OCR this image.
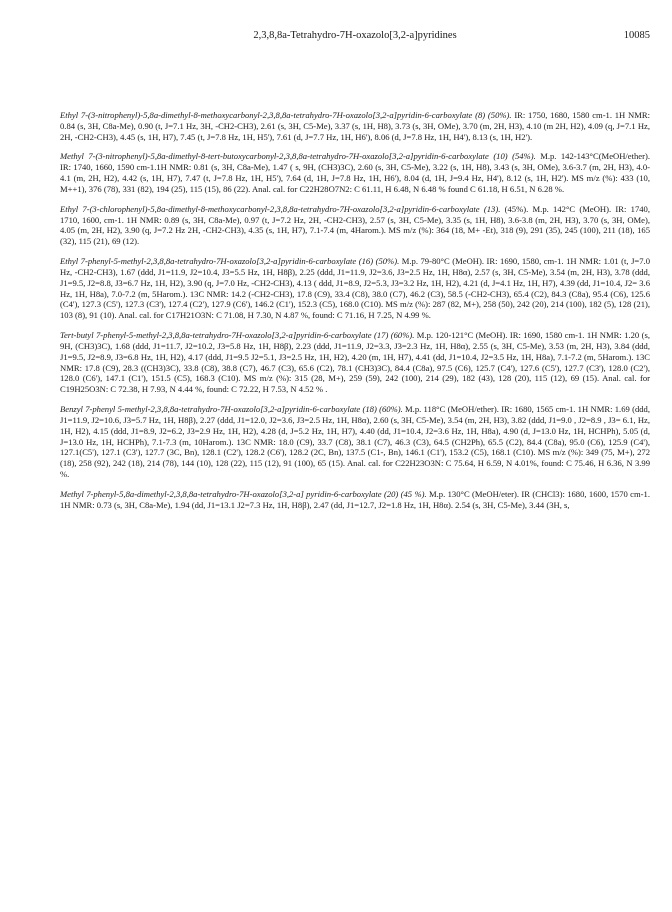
2,3,8,8a-Tetrahydro-7H-oxazolo[3,2-a]pyridines	10085

Ethyl 7-(3-nitrophenyl)-5,8a-dimethyl-8-methoxycarbonyl-2,3,8,8a-tetrahydro-7H-oxazolo[3,2-a]pyridin-6-carboxylate (8) (50%). IR: 1750, 1680, 1580 cm-1. 1H NMR: 0.84 (s, 3H, C8a-Me), 0.90 (t, J=7.1 Hz, 3H, -CH2-CH3), 2.61 (s, 3H, C5-Me), 3.37 (s, 1H, H8), 3.73 (s, 3H, OMe), 3.70 (m, 2H, H3), 4.10 (m 2H, H2), 4.09 (q, J=7.1 Hz, 2H, -CH2-CH3), 4.45 (s, 1H, H7), 7.45 (t, J=7.8 Hz, 1H, H5'), 7.61 (d, J=7.7 Hz, 1H, H6'), 8.06 (d, J=7.8 Hz, 1H, H4'), 8.13 (s, 1H, H2').

Methyl 7-(3-nitrophenyl)-5,8a-dimethyl-8-tert-butoxycarbonyl-2,3,8,8a-tetrahydro-7H-oxazolo[3,2-a]pyridin-6-carboxylate (10) (54%). M.p. 142-143°C(MeOH/ether). IR: 1740, 1660, 1590 cm-1.1H NMR: 0.81 (s, 3H, C8a-Me), 1.47 ( s, 9H, (CH3)3C), 2.60 (s, 3H, C5-Me), 3.22 (s, 1H, H8), 3.43 (s, 3H, OMe), 3.6-3.7 (m, 2H, H3), 4.0-4.1 (m, 2H, H2), 4.42 (s, 1H, H7), 7.47 (t, J=7.8 Hz, 1H, H5'), 7.64 (d, 1H, J=7.8 Hz, 1H, H6'), 8.04 (d, 1H, J=9.4 Hz, H4'), 8.12 (s, 1H, H2'). MS m/z (%): 433 (10, M++1), 376 (78), 331 (82), 194 (25), 115 (15), 86 (22). Anal. cal. for C22H28O7N2: C 61.11, H 6.48, N 6.48 % found C 61.18, H 6.51, N 6.28 %.

Ethyl 7-(3-chlorophenyl)-5,8a-dimethyl-8-methoxycarbonyl-2,3,8,8a-tetrahydro-7H-oxazolo[3,2-a]pyridin-6-carboxylate (13). (45%). M.p. 142°C (MeOH). IR: 1740, 1710, 1600, cm-1. 1H NMR: 0.89 (s, 3H, C8a-Me), 0.97 (t, J=7.2 Hz, 2H, -CH2-CH3), 2.57 (s, 3H, C5-Me), 3.35 (s, 1H, H8), 3.6-3.8 (m, 2H, H3), 3.70 (s, 3H, OMe), 4.05 (m, 2H, H2), 3.90 (q, J=7.2 Hz 2H, -CH2-CH3), 4.35 (s, 1H, H7), 7.1-7.4 (m, 4Harom.). MS m/z (%): 364 (18, M+ -Et), 318 (9), 291 (35), 245 (100), 211 (18), 165 (32), 115 (21), 69 (12).

Ethyl 7-phenyl-5-methyl-2,3,8,8a-tetrahydro-7H-oxazolo[3,2-a]pyridin-6-carboxylate (16) (50%). M.p. 79-80°C (MeOH). IR: 1690, 1580, cm-1. 1H NMR: 1.01 (t, J=7.0 Hz, -CH2-CH3), 1.67 (ddd, J1=11.9, J2=10.4, J3=5.5 Hz, 1H, H8β), 2.25 (ddd, J1=11.9, J2=3.6, J3=2.5 Hz, 1H, H8α), 2.57 (s, 3H, C5-Me), 3.54 (m, 2H, H3), 3.78 (ddd, J1=9.5, J2=8.8, J3=6.7 Hz, 1H, H2), 3.90 (q, J=7.0 Hz, -CH2-CH3), 4.13 ( ddd, J1=8.9, J2=5.3, J3=3.2 Hz, 1H, H2), 4.21 (d, J=4.1 Hz, 1H, H7), 4.39 (dd, J1=10.4, J2= 3.6 Hz, 1H, H8a), 7.0-7.2 (m, 5Harom.). 13C NMR: 14.2 (-CH2-CH3), 17.8 (C9), 33.4 (C8), 38.0 (C7), 46.2 (C3), 58.5 (-CH2-CH3), 65.4 (C2), 84.3 (C8a), 95.4 (C6), 125.6 (C4'), 127.3 (C5'), 127.3 (C3'), 127.4 (C2'), 127.9 (C6'), 146.2 (C1'), 152.3 (C5), 168.0 (C10). MS m/z (%): 287 (82, M+), 258 (50), 242 (20), 214 (100), 182 (5), 128 (21), 103 (8), 91 (10). Anal. cal. for C17H21O3N: C 71.08, H 7.30, N 4.87 %, found: C 71.16, H 7.25, N 4.99 %.

Tert-butyl 7-phenyl-5-methyl-2,3,8,8a-tetrahydro-7H-oxazolo[3,2-a]pyridin-6-carboxylate (17) (60%). M.p. 120-121°C (MeOH). IR: 1690, 1580 cm-1. 1H NMR: 1.20 (s, 9H, (CH3)3C), 1.68 (ddd, J1=11.7, J2=10.2, J3=5.8 Hz, 1H, H8β), 2.23 (ddd, J1=11.9, J2=3.3, J3=2.3 Hz, 1H, H8α), 2.55 (s, 3H, C5-Me), 3.53 (m, 2H, H3), 3.84 (ddd, J1=9.5, J2=8.9, J3=6.8 Hz, 1H, H2), 4.17 (ddd, J1=9.5 J2=5.1, J3=2.5 Hz, 1H, H2), 4.20 (m, 1H, H7), 4.41 (dd, J1=10.4, J2=3.5 Hz, 1H, H8a), 7.1-7.2 (m, 5Harom.). 13C NMR: 17.8 (C9), 28.3 ((CH3)3C), 33.8 (C8), 38.8 (C7), 46.7 (C3), 65.6 (C2), 78.1 (CH3)3C), 84.4 (C8a), 97.5 (C6), 125.7 (C4'), 127.6 (C5'), 127.7 (C3'), 128.0 (C2'), 128.0 (C6'), 147.1 (C1'), 151.5 (C5), 168.3 (C10). MS m/z (%): 315 (28, M+), 259 (59), 242 (100), 214 (29), 182 (43), 128 (20), 115 (12), 69 (15). Anal. cal. for C19H25O3N: C 72.38, H 7.93, N 4.44 %, found: C 72.22, H 7.53, N 4.52 % .

Benzyl 7-phenyl 5-methyl-2,3,8,8a-tetrahydro-7H-oxazolo[3,2-a]pyridin-6-carboxylate (18) (60%). M.p. 118°C (MeOH/ether). IR: 1680, 1565 cm-1. 1H NMR: 1.69 (ddd, J1=11.9, J2=10.6, J3=5.7 Hz, 1H, H8β), 2.27 (ddd, J1=12.0, J2=3.6, J3=2.5 Hz, 1H, H8α), 2.60 (s, 3H, C5-Me), 3.54 (m, 2H, H3), 3.82 (ddd, J1=9.0 , J2=8.9 , J3= 6.1, Hz, 1H, H2), 4.15 (ddd, J1=8.9, J2=6.2, J3=2.9 Hz, 1H, H2), 4.28 (d, J=5.2 Hz, 1H, H7), 4.40 (dd, J1=10.4, J2=3.6 Hz, 1H, H8a), 4.90 (d, J=13.0 Hz, 1H, HCHPh), 5.05 (d, J=13.0 Hz, 1H, HCHPh), 7.1-7.3 (m, 10Harom.). 13C NMR: 18.0 (C9), 33.7 (C8), 38.1 (C7), 46.3 (C3), 64.5 (CH2Ph), 65.5 (C2), 84.4 (C8a), 95.0 (C6), 125.9 (C4'), 127.1(C5'), 127.1 (C3'), 127.7 (3C, Bn), 128.1 (C2'), 128.2 (C6'), 128.2 (2C, Bn), 137.5 (C1-, Bn), 146.1 (C1'), 153.2 (C5), 168.1 (C10). MS m/z (%): 349 (75, M+), 272 (18), 258 (92), 242 (18), 214 (78), 144 (10), 128 (22), 115 (12), 91 (100), 65 (15). Anal. cal. for C22H23O3N: C 75.64, H 6.59, N 4.01%, found: C 75.46, H 6.36, N 3.99 %.

Methyl 7-phenyl-5,8a-dimethyl-2,3,8,8a-tetrahydro-7H-oxazolo[3,2-a] pyridin-6-carboxylate (20) (45 %). M.p. 130°C (MeOH/eter). IR (CHCl3): 1680, 1600, 1570 cm-1. 1H NMR: 0.73 (s, 3H, C8a-Me), 1.94 (dd, J1=13.1 J2=7.3 Hz, 1H, H8β), 2.47 (dd, J1=12.7, J2=1.8 Hz, 1H, H8α). 2.54 (s, 3H, C5-Me), 3.44 (3H, s,
